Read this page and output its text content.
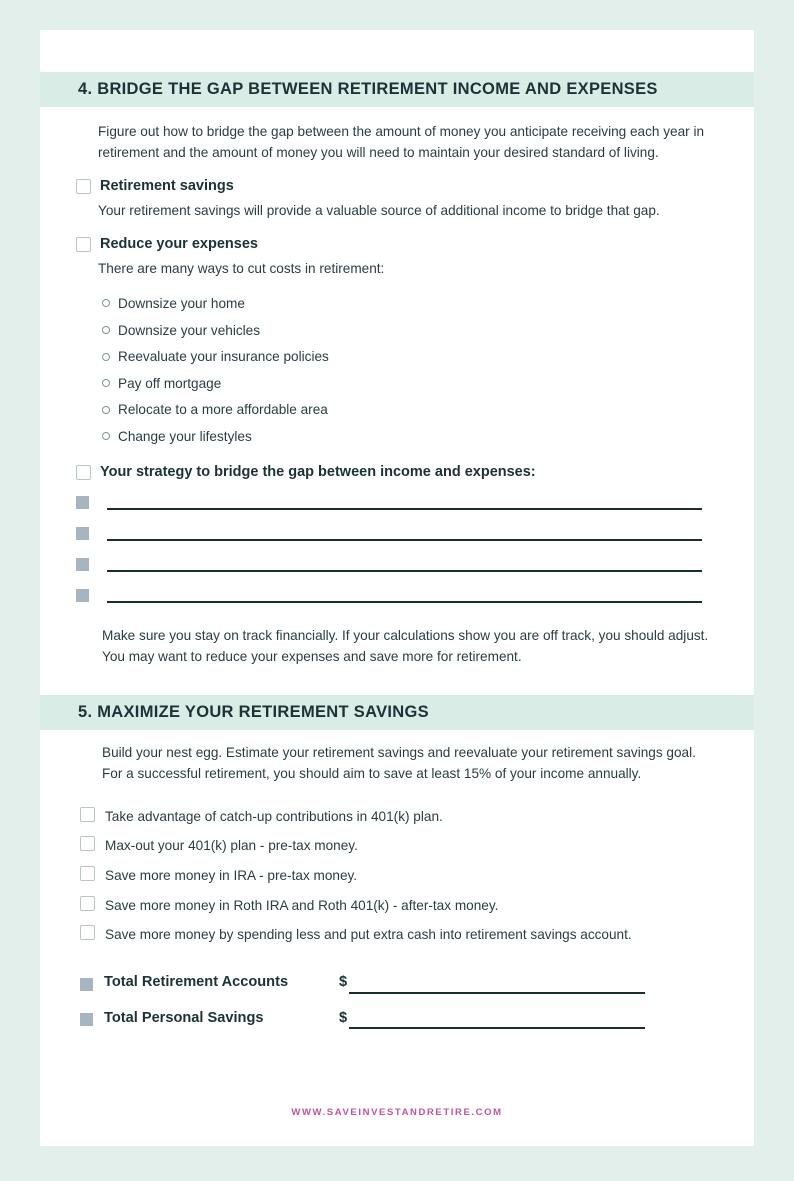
4. BRIDGE THE GAP BETWEEN RETIREMENT INCOME AND EXPENSES

Figure out how to bridge the gap between the amount of money you anticipate receiving each year in retirement and the amount of money you will need to maintain your desired standard of living.

Retirement savings

Your retirement savings will provide a valuable source of additional income to bridge that gap.

Reduce your expenses

There are many ways to cut costs in retirement:

Downsize your home
Downsize your vehicles
Reevaluate your insurance policies
Pay off mortgage
Relocate to a more affordable area
Change your lifestyles
Your strategy to bridge the gap between income and expenses:

Make sure you stay on track financially. If your calculations show you are off track, you should adjust. You may want to reduce your expenses and save more for retirement.

5. MAXIMIZE YOUR RETIREMENT SAVINGS

Build your nest egg. Estimate your retirement savings and reevaluate your retirement savings goal. For a successful retirement, you should aim to save at least 15% of your income annually.

Take advantage of catch-up contributions in 401(k) plan.
Max-out your 401(k) plan - pre-tax money.
Save more money in IRA - pre-tax money.
Save more money in Roth IRA and Roth 401(k) - after-tax money.
Save more money by spending less and put extra cash into retirement savings account.
Total Retirement Accounts	$
Total Personal Savings	$
WWW.SAVEINVESTANDRETIRE.COM
